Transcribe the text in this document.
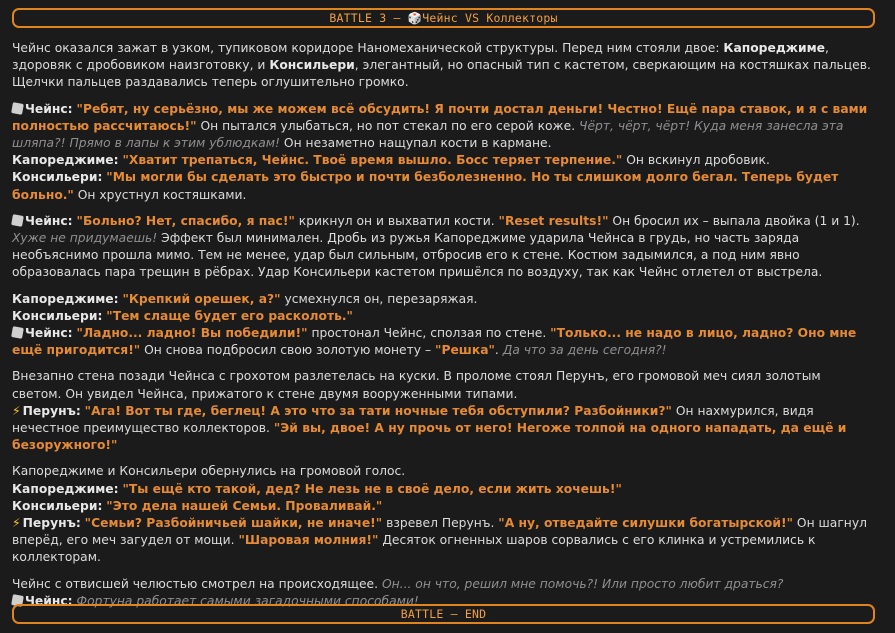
BATTLE 3 – 🎲Чейнс VS Коллекторы

Чейнс оказался зажат в узком, тупиковом коридоре Наномеханической структуры. Перед ним стояли двое: Капореджиме, здоровяк с дробовиком наизготовку, и Консильери, элегантный, но опасный тип с кастетом, сверкающим на костяшках пальцев. Щелчки пальцев раздавались теперь оглушительно громко.

Чейнс: "Ребят, ну серьёзно, мы же можем всё обсудить! Я почти достал деньги! Честно! Ещё пара ставок, и я с вами полностью рассчитаюсь!" Он пытался улыбаться, но пот стекал по его серой коже. Чёрт, чёрт, чёрт! Куда меня занесла эта шляпа?! Прямо в лапы к этим ублюдкам! Он незаметно нащупал кости в кармане.
Капореджиме: "Хватит трепаться, Чейнс. Твоё время вышло. Босс теряет терпение." Он вскинул дробовик.
Консильери: "Мы могли бы сделать это быстро и почти безболезненно. Но ты слишком долго бегал. Теперь будет больно." Он хрустнул костяшками.

Чейнс: "Больно? Нет, спасибо, я пас!" крикнул он и выхватил кости. "Reset results!" Он бросил их – выпала двойка (1 и 1). Хуже не придумаешь! Эффект был минимален. Дробь из ружья Капореджиме ударила Чейнса в грудь, но часть заряда необъяснимо прошла мимо. Тем не менее, удар был сильным, отбросив его к стене. Костюм задымился, а под ним явно образовалась пара трещин в рёбрах. Удар Консильери кастетом пришёлся по воздуху, так как Чейнс отлетел от выстрела.

Капореджиме: "Крепкий орешек, а?" усмехнулся он, перезаряжая.
Консильери: "Тем слаще будет его расколоть."
Чейнс: "Ладно... ладно! Вы победили!" простонал Чейнс, сползая по стене. "Только... не надо в лицо, ладно? Оно мне ещё пригодится!" Он снова подбросил свою золотую монету – "Решка". Да что за день сегодня?!

Внезапно стена позади Чейнса с грохотом разлетелась на куски. В проломе стоял Перунъ, его громовой меч сиял золотым светом. Он увидел Чейнса, прижатого к стене двумя вооруженными типами.
⚡ Перунъ: "Ага! Вот ты где, беглец! А это что за тати ночные тебя обступили? Разбойники?" Он нахмурился, видя нечестное преимущество коллекторов. "Эй вы, двое! А ну прочь от него! Негоже толпой на одного нападать, да ещё и безоружного!"

Капореджиме и Консильери обернулись на громовой голос.
Капореджиме: "Ты ещё кто такой, дед? Не лезь не в своё дело, если жить хочешь!"
Консильери: "Это дела нашей Семьи. Проваливай."
⚡ Перунъ: "Семьи? Разбойничьей шайки, не иначе!" взревел Перунъ. "А ну, отведайте силушки богатырской!" Он шагнул вперёд, его меч загудел от мощи. "Шаровая молния!" Десяток огненных шаров сорвались с его клинка и устремились к коллекторам.

Чейнс с отвисшей челюстью смотрел на происходящее. Он... он что, решил мне помочь?! Или просто любит драться?
Чейнс: Фортуна работает самыми загадочными способами!

BATTLE – END
